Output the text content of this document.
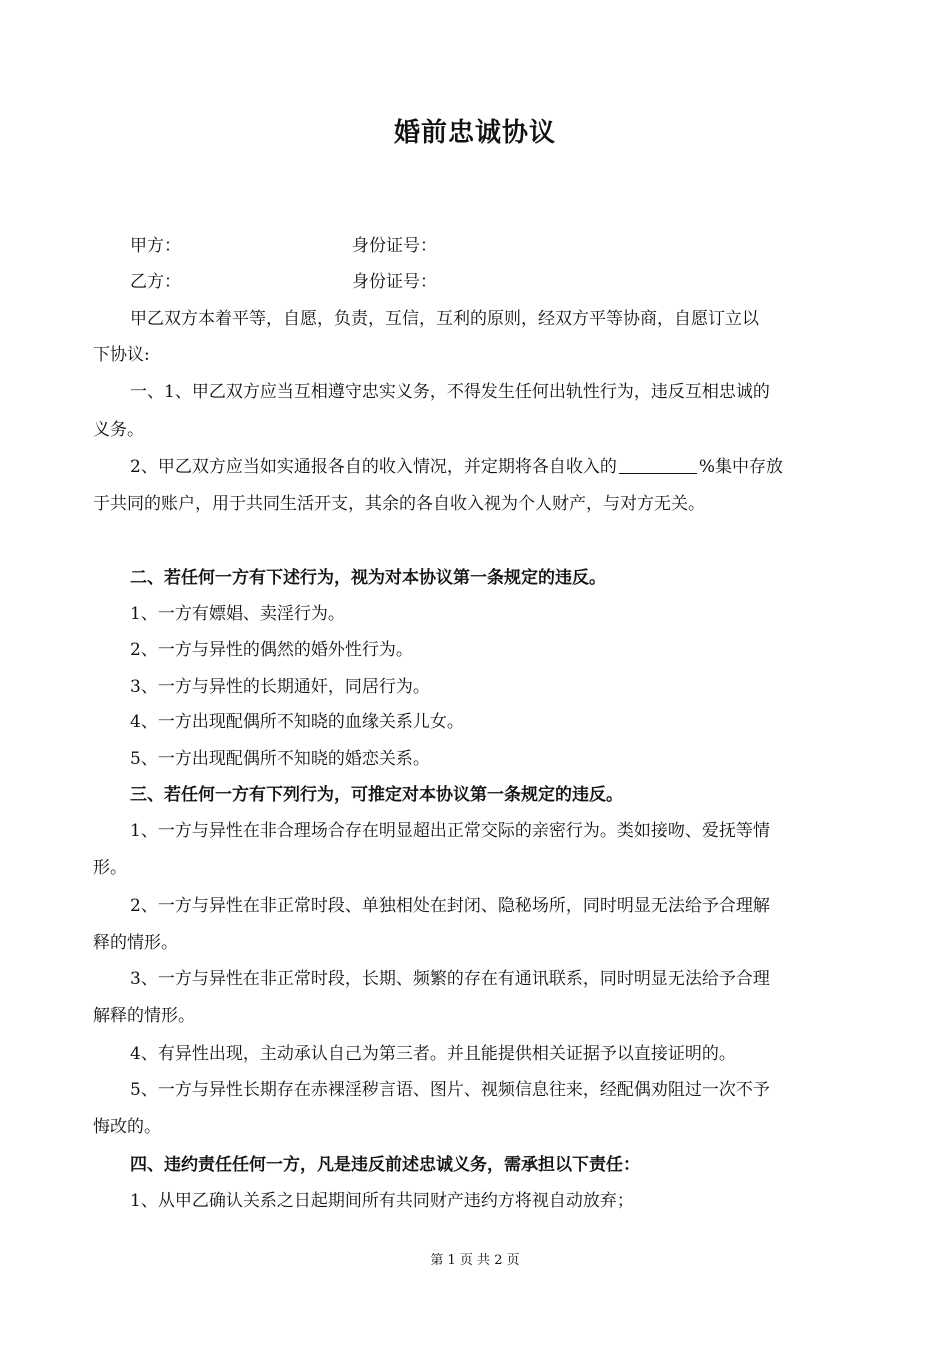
婚前忠诚协议
甲方：	身份证号：
乙方：	身份证号：
甲乙双方本着平等，自愿，负责，互信，互利的原则，经双方平等协商，自愿订立以
下协议:
一、1、甲乙双方应当互相遵守忠实义务，不得发生任何出轨性行为，违反互相忠诚的
义务。
2、甲乙双方应当如实通报各自的收入情况，并定期将各自收入的	%集中存放
于共同的账户，用于共同生活开支，其余的各自收入视为个人财产，与对方无关。
二、若任何一方有下述行为，视为对本协议第一条规定的违反。
1、一方有嫖娼、卖淫行为。
2、一方与异性的偶然的婚外性行为。
3、一方与异性的长期通奸，同居行为。
4、一方出现配偶所不知晓的血缘关系儿女。
5、一方出现配偶所不知晓的婚恋关系。
三、若任何一方有下列行为，可推定对本协议第一条规定的违反。
1、一方与异性在非合理场合存在明显超出正常交际的亲密行为。类如接吻、爱抚等情
形。
2、一方与异性在非正常时段、单独相处在封闭、隐秘场所，同时明显无法给予合理解
释的情形。
3、一方与异性在非正常时段，长期、频繁的存在有通讯联系，同时明显无法给予合理
解释的情形。
4、有异性出现，主动承认自己为第三者。并且能提供相关证据予以直接证明的。
5、一方与异性长期存在赤裸淫秽言语、图片、视频信息往来，经配偶劝阻过一次不予
悔改的。
四、违约责任任何一方，凡是违反前述忠诚义务，需承担以下责任：
1、从甲乙确认关系之日起期间所有共同财产违约方将视自动放弃；
第 1 页 共 2 页
